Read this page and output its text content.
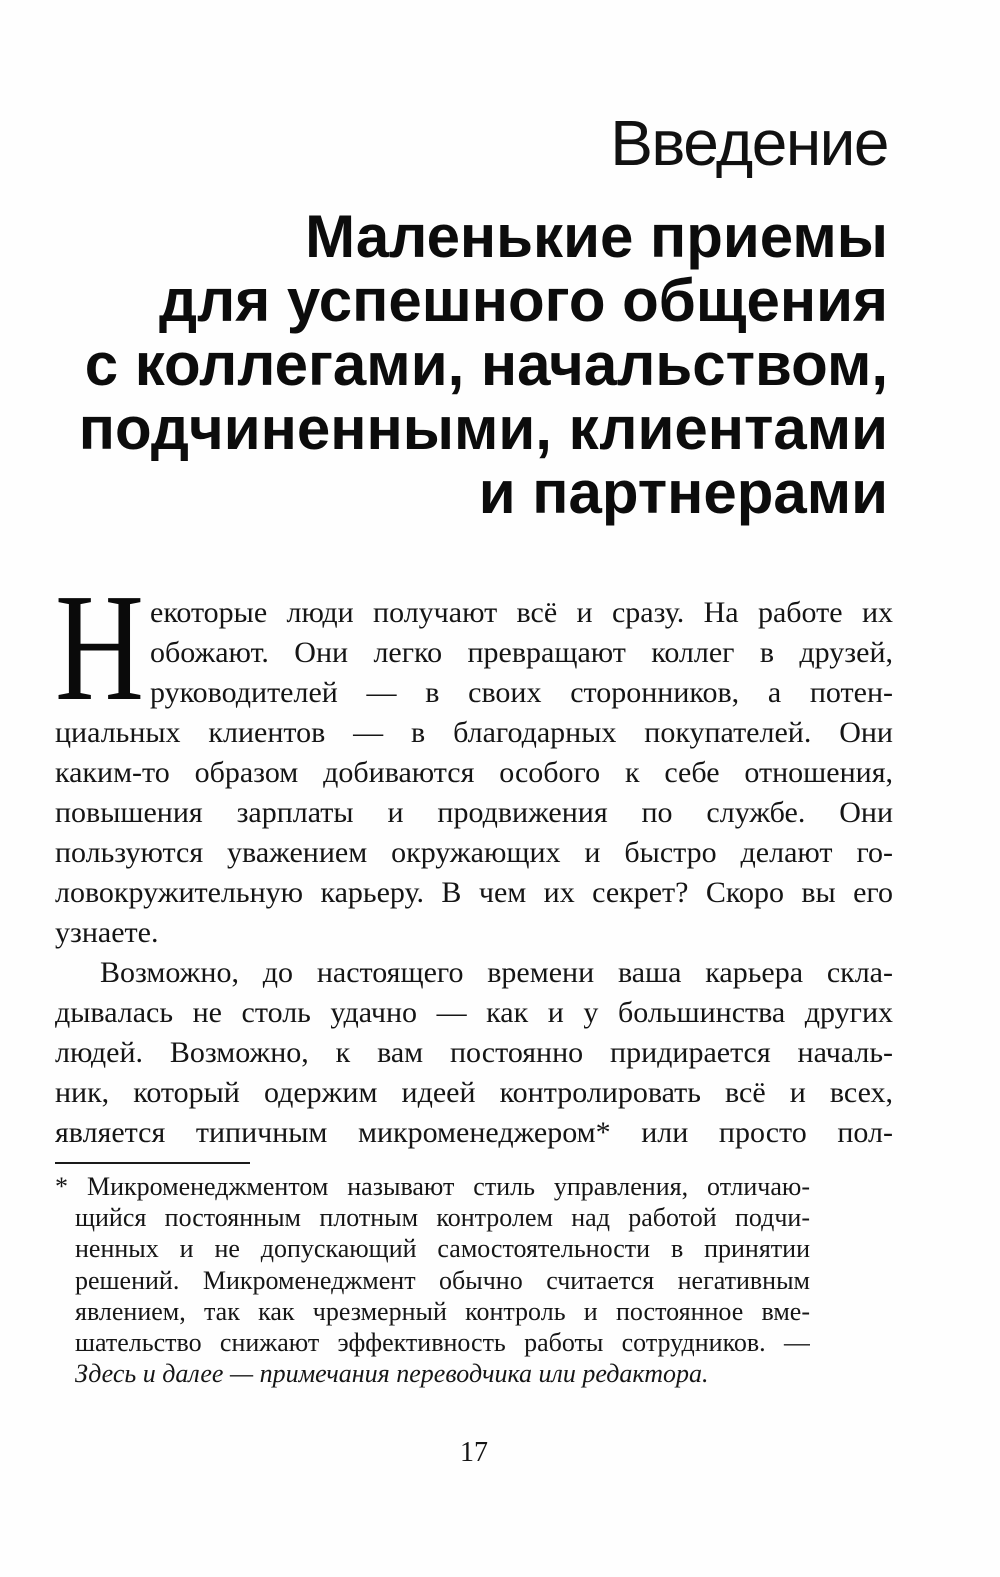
Введение
Маленькие приемы
для успешного общения
с коллегами, начальством,
подчиненными, клиентами
и партнерами
Н екоторые люди получают всё и сразу. На работе их
обожают. Они легко превращают коллег в друзей,
руководителей — в своих сторонников, а потен-
циальных клиентов — в благодарных покупателей. Они
каким-то образом добиваются особого к себе отношения,
повышения зарплаты и продвижения по службе. Они
пользуются уважением окружающих и быстро делают го-
ловокружительную карьеру. В чем их секрет? Скоро вы его
узнаете.
Возможно, до настоящего времени ваша карьера скла-
дывалась не столь удачно — как и у большинства других
людей. Возможно, к вам постоянно придирается началь-
ник, который одержим идеей контролировать всё и всех,
является типичным микроменеджером* или просто пол-
* Микроменеджментом называют стиль управления, отличаю-
щийся постоянным плотным контролем над работой подчи-
ненных и не допускающий самостоятельности в принятии
решений. Микроменеджмент обычно считается негативным
явлением, так как чрезмерный контроль и постоянное вме-
шательство снижают эффективность работы сотрудников. —
Здесь и далее — примечания переводчика или редактора.
17
